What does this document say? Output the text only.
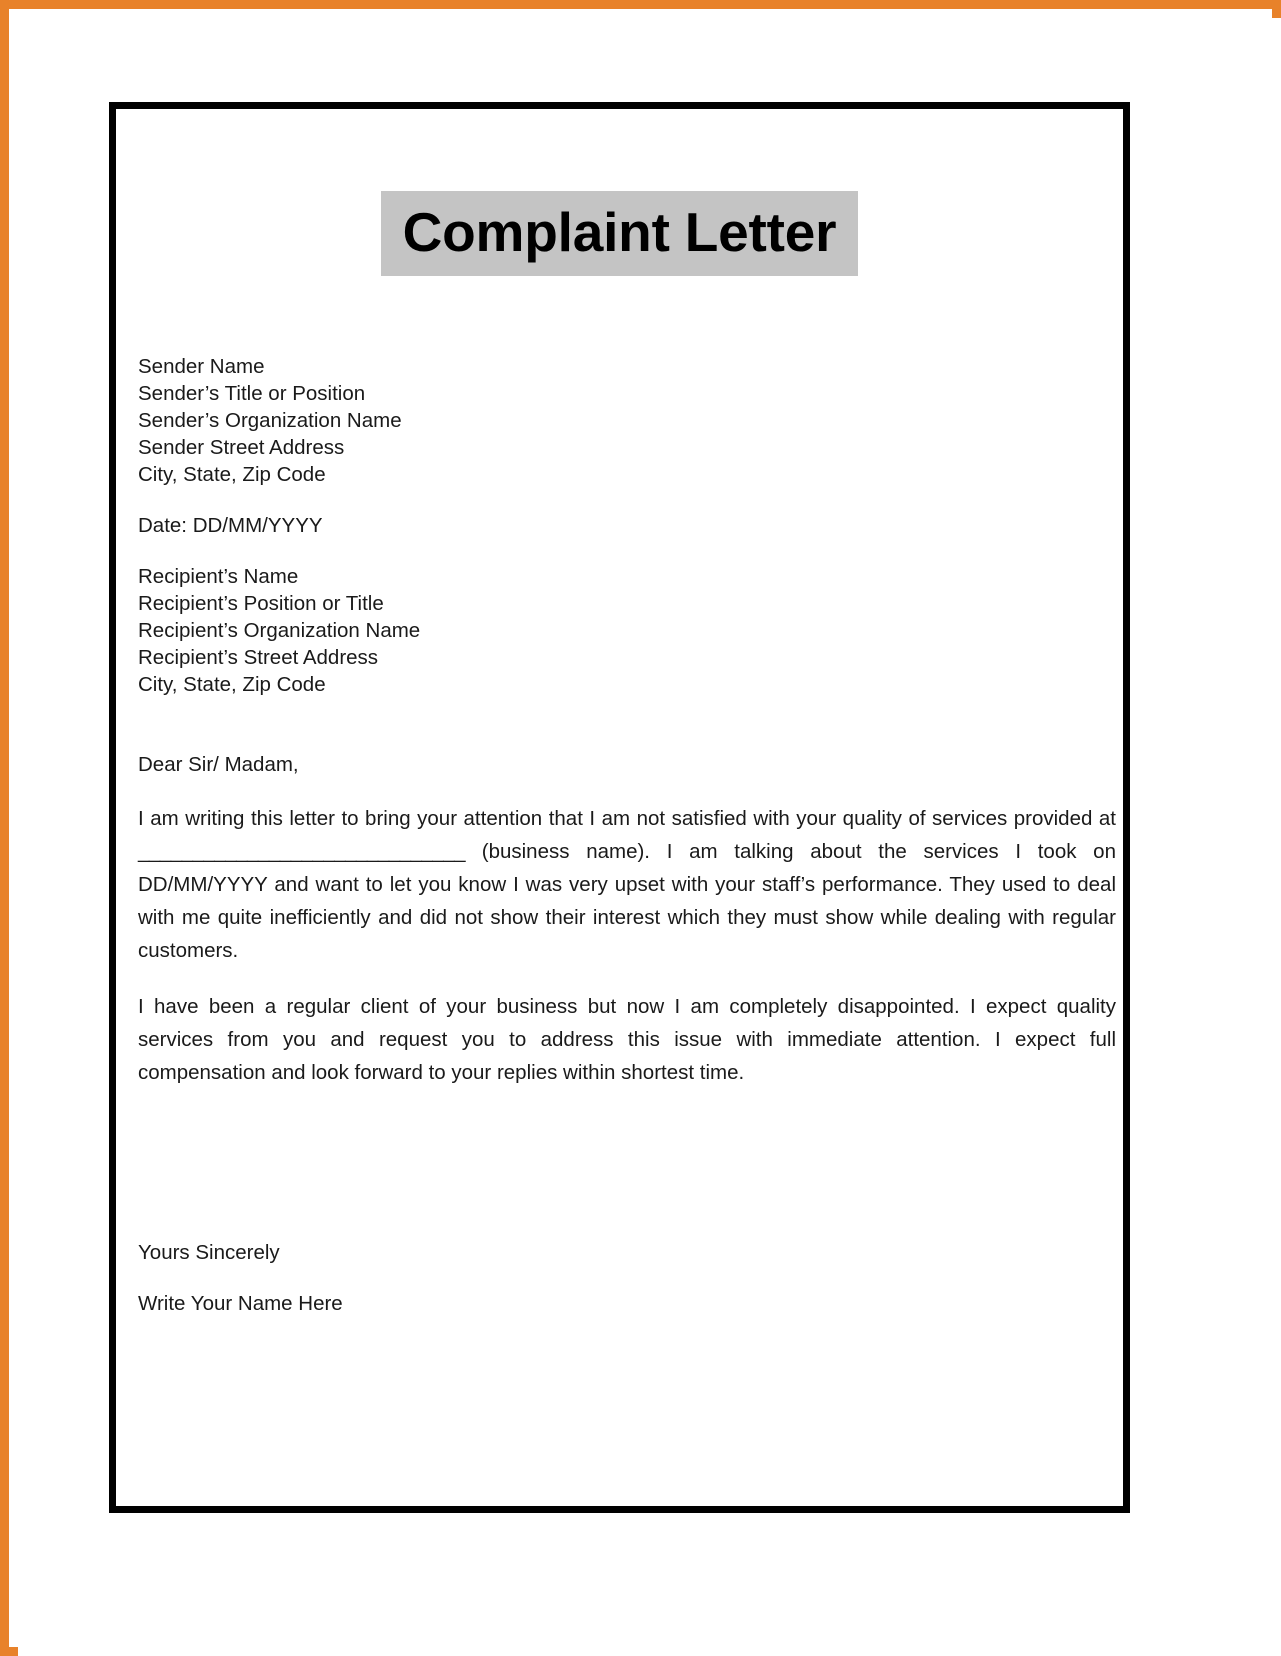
Complaint Letter
Sender Name
Sender’s Title or Position
Sender’s Organization Name
Sender Street Address
City, State, Zip Code
Date: DD/MM/YYYY
Recipient’s Name
Recipient’s Position or Title
Recipient’s Organization Name
Recipient’s Street Address
City, State, Zip Code
Dear Sir/ Madam,

I am writing this letter to bring your attention that I am not satisfied with your quality of services provided at ______________________________ (business name). I am talking about the services I took on DD/MM/YYYY and want to let you know I was very upset with your staff’s performance. They used to deal with me quite inefficiently and did not show their interest which they must show while dealing with regular customers.

I have been a regular client of your business but now I am completely disappointed. I expect quality services from you and request you to address this issue with immediate attention. I expect full compensation and look forward to your replies within shortest time.

Yours Sincerely
Write Your Name Here
